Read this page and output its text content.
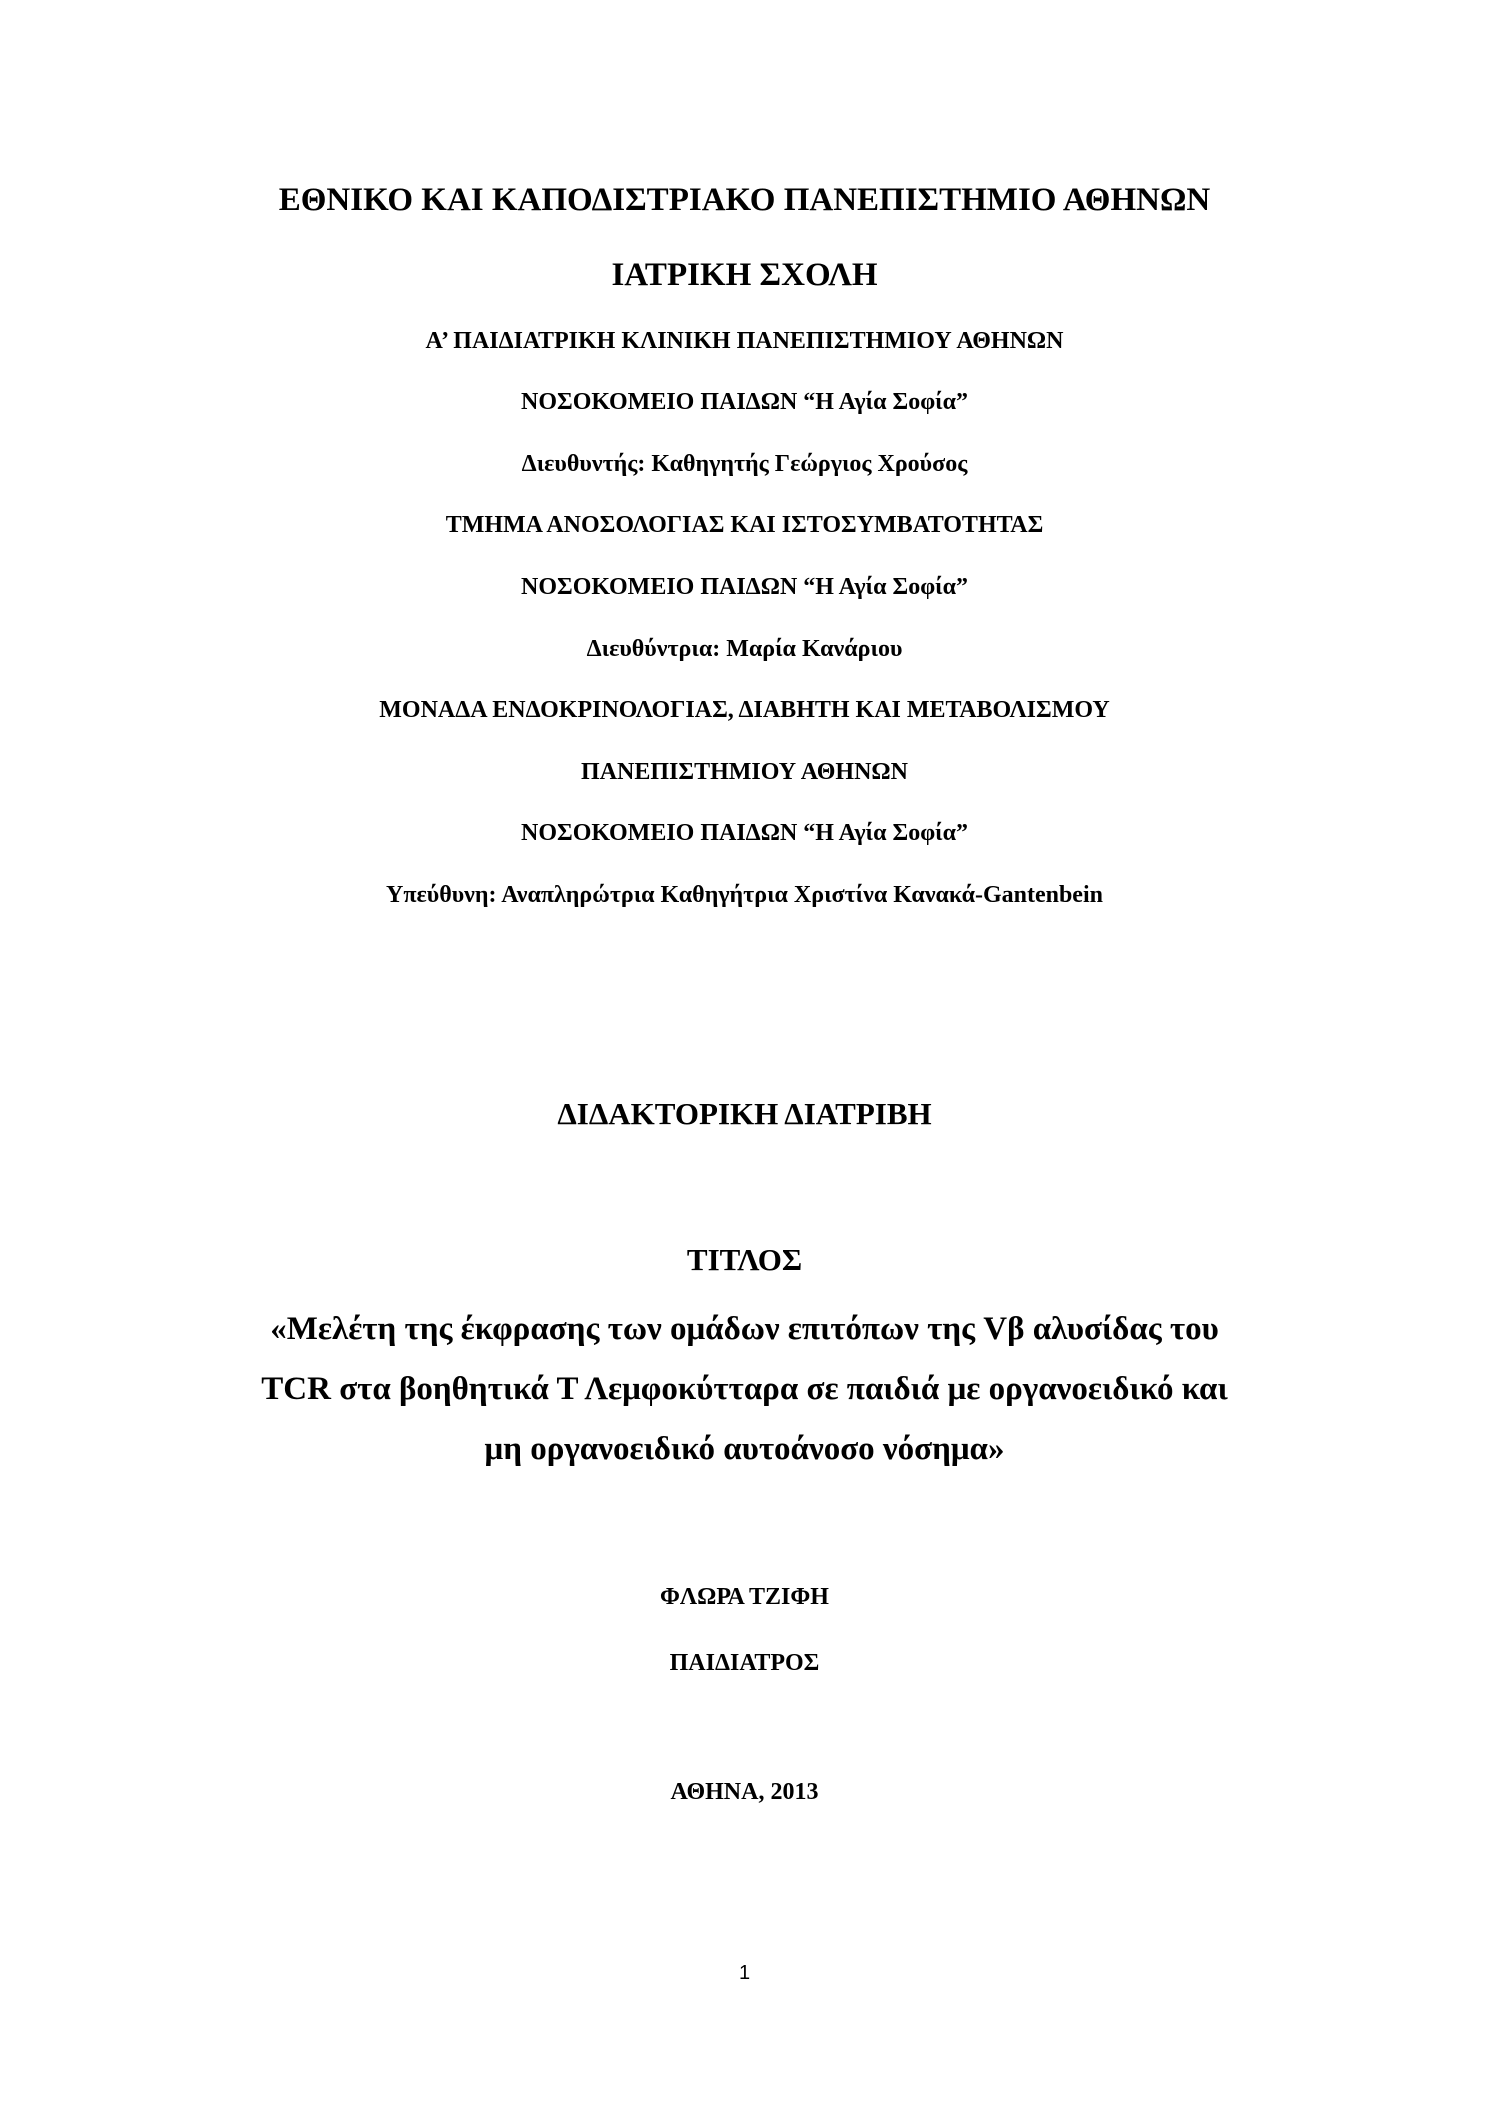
ΕΘΝΙΚΟ ΚΑΙ ΚΑΠΟΔΙΣΤΡΙΑΚΟ ΠΑΝΕΠΙΣΤΗΜΙΟ ΑΘΗΝΩΝ
ΙΑΤΡΙΚΗ ΣΧΟΛΗ
Α’ ΠΑΙΔΙΑΤΡΙΚΗ ΚΛΙΝΙΚΗ ΠΑΝΕΠΙΣΤΗΜΙΟΥ ΑΘΗΝΩΝ
ΝΟΣΟΚΟΜΕΙΟ ΠΑΙΔΩΝ “Η Αγία Σοφία”
Διευθυντής: Καθηγητής Γεώργιος Χρούσος
ΤΜΗΜΑ ΑΝΟΣΟΛΟΓΙΑΣ ΚΑΙ ΙΣΤΟΣΥΜΒΑΤΟΤΗΤΑΣ
ΝΟΣΟΚΟΜΕΙΟ ΠΑΙΔΩΝ “Η Αγία Σοφία”
Διευθύντρια: Μαρία Κανάριου
ΜΟΝΑΔΑ ΕΝΔΟΚΡΙΝΟΛΟΓΙΑΣ, ΔΙΑΒΗΤΗ ΚΑΙ ΜΕΤΑΒΟΛΙΣΜΟΥ
ΠΑΝΕΠΙΣΤΗΜΙΟΥ ΑΘΗΝΩΝ
ΝΟΣΟΚΟΜΕΙΟ ΠΑΙΔΩΝ “Η Αγία Σοφία”
Υπεύθυνη: Αναπληρώτρια Καθηγήτρια Χριστίνα Κανακά-Gantenbein
ΔΙΔΑΚΤΟΡΙΚΗ ΔΙΑΤΡΙΒΗ
ΤΙΤΛΟΣ
«Μελέτη της έκφρασης των ομάδων επιτόπων της Vβ αλυσίδας του
TCR στα βοηθητικά Τ Λεμφοκύτταρα σε παιδιά με οργανοειδικό και
μη οργανοειδικό αυτοάνοσο νόσημα»
ΦΛΩΡΑ ΤΖΙΦΗ
ΠΑΙΔΙΑΤΡΟΣ
ΑΘΗΝΑ, 2013
1
